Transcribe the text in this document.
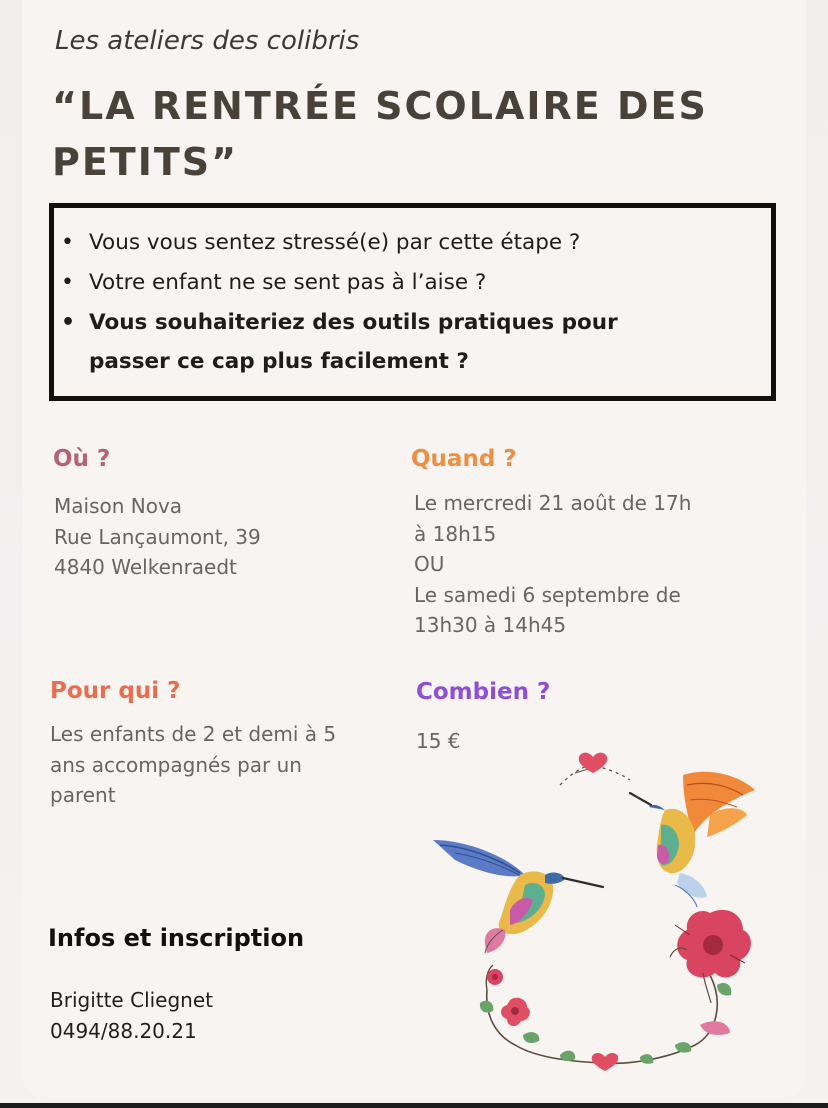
Les ateliers des colibris
“LA RENTRÉE SCOLAIRE DES PETITS”
• Vous vous sentez stressé(e) par cette étape ?
• Votre enfant ne se sent pas à l’aise ?
• Vous souhaiteriez des outils pratiques pour
passer ce cap plus facilement ?
Où ?
Maison Nova
Rue Lançaumont, 39
4840 Welkenraedt
Quand ?
Le mercredi 21 août de 17h
à 18h15
OU
Le samedi 6 septembre de
13h30 à 14h45
Pour qui ?
Les enfants de 2 et demi à 5
ans accompagnés par un
parent
Combien ?
15 €
Infos et inscription
Brigitte Cliegnet
0494/88.20.21
